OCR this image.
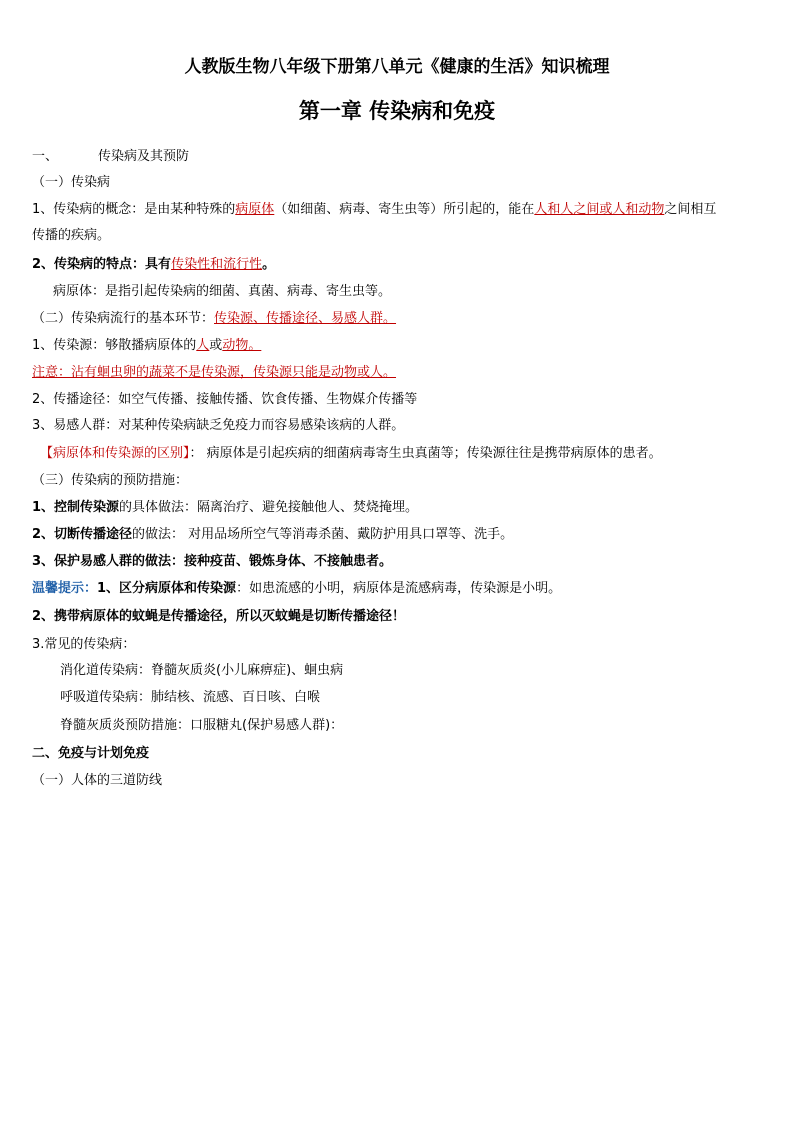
人教版生物八年级下册第八单元《健康的生活》知识梳理
第一章 传染病和免疫
一、	传染病及其预防
（一）传染病
1、传染病的概念：是由某种特殊的病原体（如细菌、病毒、寄生虫等）所引起的，能在人和人之间或人和动物之间相互
传播的疾病。
2、传染病的特点：具有传染性和流行性。
病原体：是指引起传染病的细菌、真菌、病毒、寄生虫等。
（二）传染病流行的基本环节：传染源、传播途径、易感人群。
1、传染源：够散播病原体的人或动物。
注意：沾有蛔虫卵的蔬菜不是传染源，传染源只能是动物或人。
2、传播途径：如空气传播、接触传播、饮食传播、生物媒介传播等
3、易感人群：对某种传染病缺乏免疫力而容易感染该病的人群。
【病原体和传染源的区别】： 病原体是引起疾病的细菌病毒寄生虫真菌等；传染源往往是携带病原体的患者。
（三）传染病的预防措施：
1、控制传染源的具体做法：隔离治疗、避免接触他人、焚烧掩埋。
2、切断传播途径的做法： 对用品场所空气等消毒杀菌、戴防护用具口罩等、洗手。
3、保护易感人群的做法：接种疫苗、锻炼身体、不接触患者。
温馨提示：1、区分病原体和传染源：如患流感的小明，病原体是流感病毒，传染源是小明。
2、携带病原体的蚊蝇是传播途径，所以灭蚊蝇是切断传播途径！
3.常见的传染病：
消化道传染病：脊髓灰质炎(小儿麻痹症)、蛔虫病
呼吸道传染病：肺结核、流感、百日咳、白喉
脊髓灰质炎预防措施：口服糖丸(保护易感人群)：
二、免疫与计划免疫
（一）人体的三道防线
